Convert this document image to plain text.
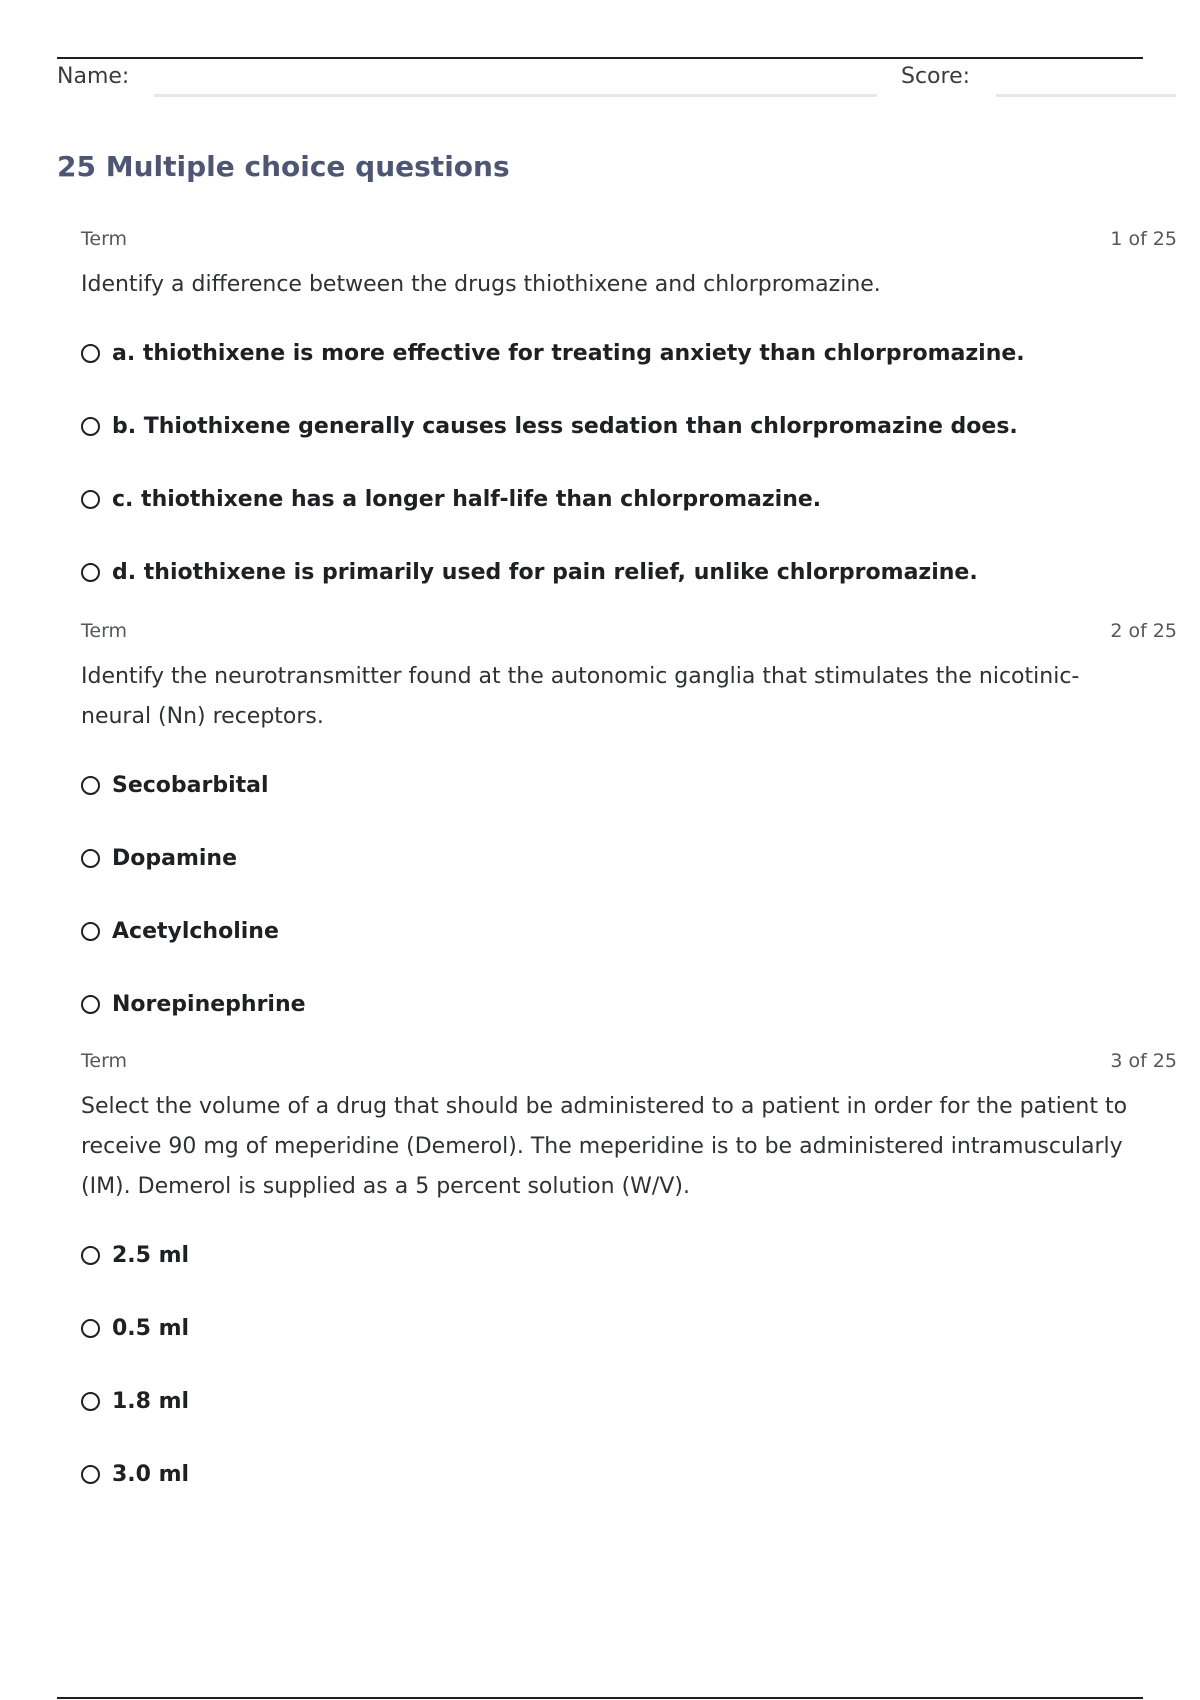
Name:	Score:
25 Multiple choice questions
Term	1 of 25

Identify a difference between the drugs thiothixene and chlorpromazine.

a. thiothixene is more effective for treating anxiety than chlorpromazine.
b. Thiothixene generally causes less sedation than chlorpromazine does.
c. thiothixene has a longer half-life than chlorpromazine.
d. thiothixene is primarily used for pain relief, unlike chlorpromazine.
Term	2 of 25

Identify the neurotransmitter found at the autonomic ganglia that stimulates the nicotinic-neural (Nn) receptors.

Secobarbital
Dopamine
Acetylcholine
Norepinephrine
Term	3 of 25

Select the volume of a drug that should be administered to a patient in order for the patient to receive 90 mg of meperidine (Demerol). The meperidine is to be administered intramuscularly (IM). Demerol is supplied as a 5 percent solution (W/V).

2.5 ml
0.5 ml
1.8 ml
3.0 ml
